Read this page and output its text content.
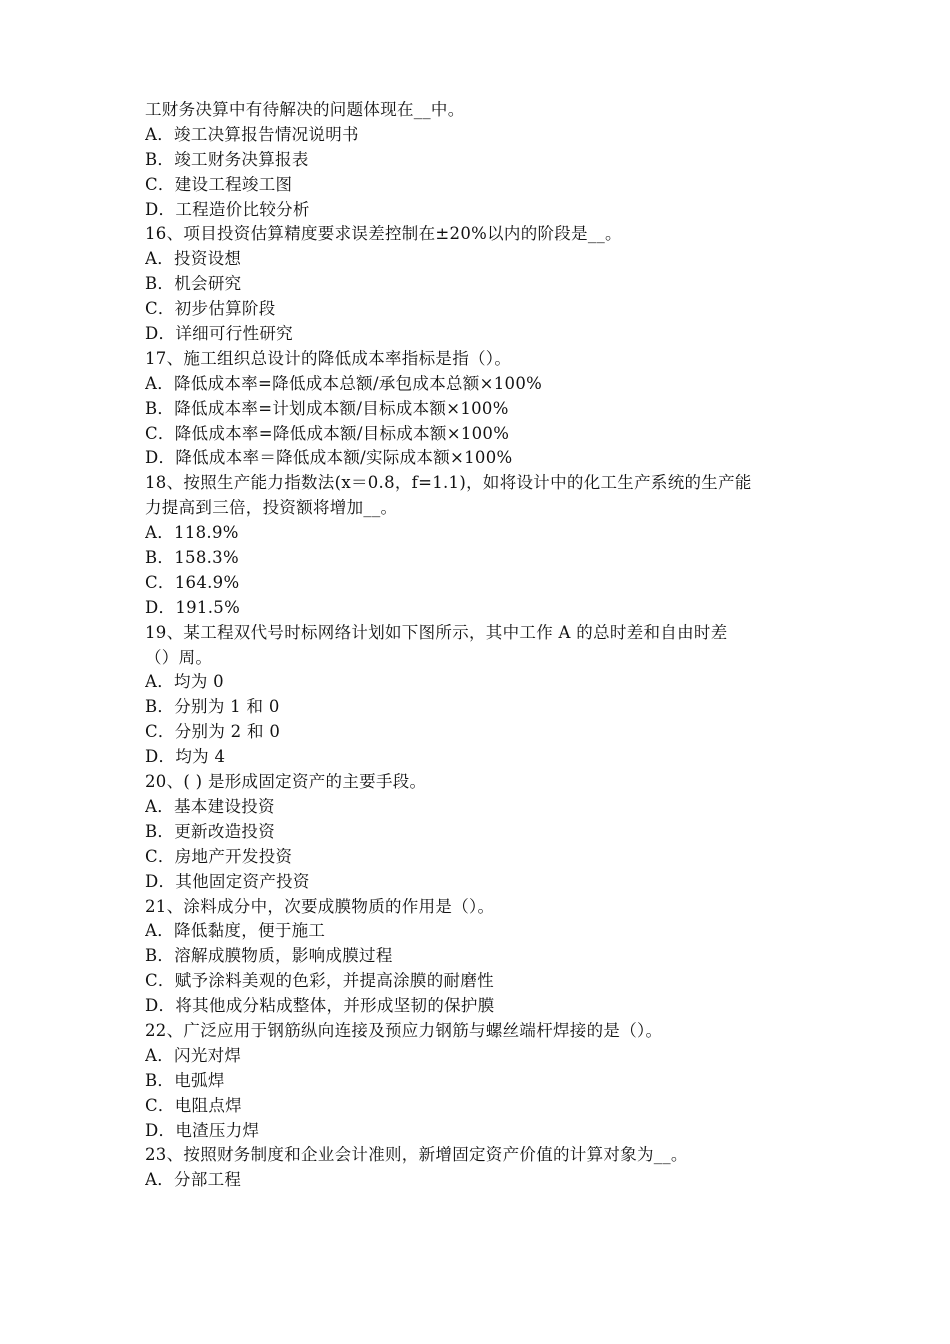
工财务决算中有待解决的问题体现在__中。
A．竣工决算报告情况说明书
B．竣工财务决算报表
C．建设工程竣工图
D．工程造价比较分析
16、项目投资估算精度要求误差控制在±20%以内的阶段是__。
A．投资设想
B．机会研究
C．初步估算阶段
D．详细可行性研究
17、施工组织总设计的降低成本率指标是指（）。
A．降低成本率=降低成本总额/承包成本总额×100%
B．降低成本率=计划成本额/目标成本额×100%
C．降低成本率=降低成本额/目标成本额×100%
D．降低成本率＝降低成本额/实际成本额×100%
18、按照生产能力指数法(x＝0.8，f=1.1)，如将设计中的化工生产系统的生产能
力提高到三倍，投资额将增加__。
A．118.9%
B．158.3%
C．164.9%
D．191.5%
19、某工程双代号时标网络计划如下图所示，其中工作 A 的总时差和自由时差
（）周。
A．均为 0
B．分别为 1 和 0
C．分别为 2 和 0
D．均为 4
20、( ) 是形成固定资产的主要手段。
A．基本建设投资
B．更新改造投资
C．房地产开发投资
D．其他固定资产投资
21、涂料成分中，次要成膜物质的作用是（）。
A．降低黏度，便于施工
B．溶解成膜物质，影响成膜过程
C．赋予涂料美观的色彩，并提高涂膜的耐磨性
D．将其他成分粘成整体，并形成坚韧的保护膜
22、广泛应用于钢筋纵向连接及预应力钢筋与螺丝端杆焊接的是（）。
A．闪光对焊
B．电弧焊
C．电阻点焊
D．电渣压力焊
23、按照财务制度和企业会计准则，新增固定资产价值的计算对象为__。
A．分部工程
